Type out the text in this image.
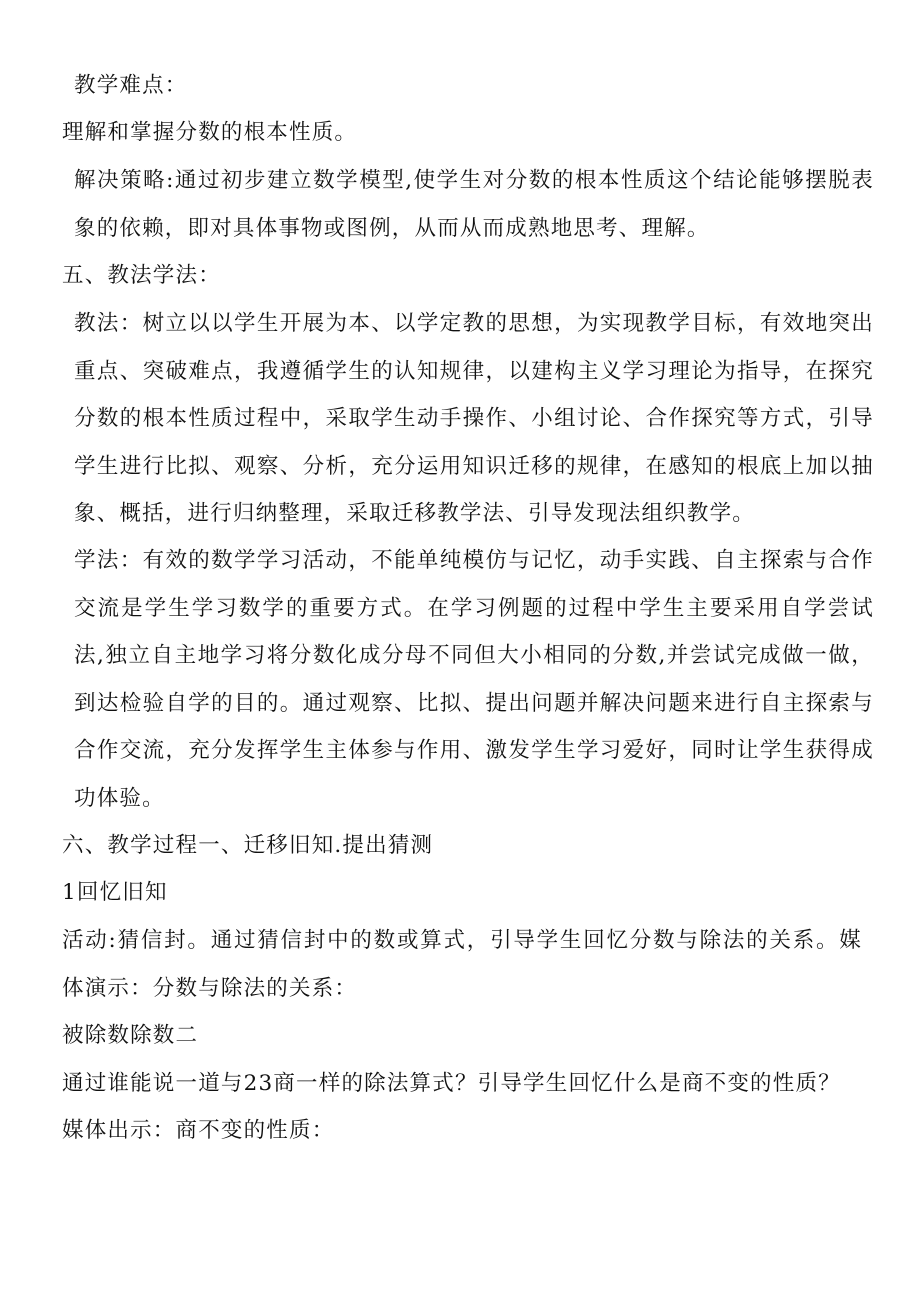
教学难点：

理解和掌握分数的根本性质。

解决策略:通过初步建立数学模型,使学生对分数的根本性质这个结论能够摆脱表象的依赖，即对具体事物或图例，从而从而成熟地思考、理解。

五、教法学法：

教法：树立以以学生开展为本、以学定教的思想，为实现教学目标，有效地突出重点、突破难点，我遵循学生的认知规律，以建构主义学习理论为指导，在探究分数的根本性质过程中，采取学生动手操作、小组讨论、合作探究等方式，引导学生进行比拟、观察、分析，充分运用知识迁移的规律，在感知的根底上加以抽象、概括，进行归纳整理，采取迁移教学法、引导发现法组织教学。

学法：有效的数学学习活动，不能单纯模仿与记忆，动手实践、自主探索与合作交流是学生学习数学的重要方式。在学习例题的过程中学生主要采用自学尝试法,独立自主地学习将分数化成分母不同但大小相同的分数,并尝试完成做一做，到达检验自学的目的。通过观察、比拟、提出问题并解决问题来进行自主探索与合作交流，充分发挥学生主体参与作用、激发学生学习爱好，同时让学生获得成功体验。

六、教学过程一、迁移旧知.提出猜测

1回忆旧知

活动:猜信封。通过猜信封中的数或算式，引导学生回忆分数与除法的关系。媒体演示：分数与除法的关系：

被除数除数二

通过谁能说一道与23商一样的除法算式？引导学生回忆什么是商不变的性质？

媒体出示：商不变的性质：
